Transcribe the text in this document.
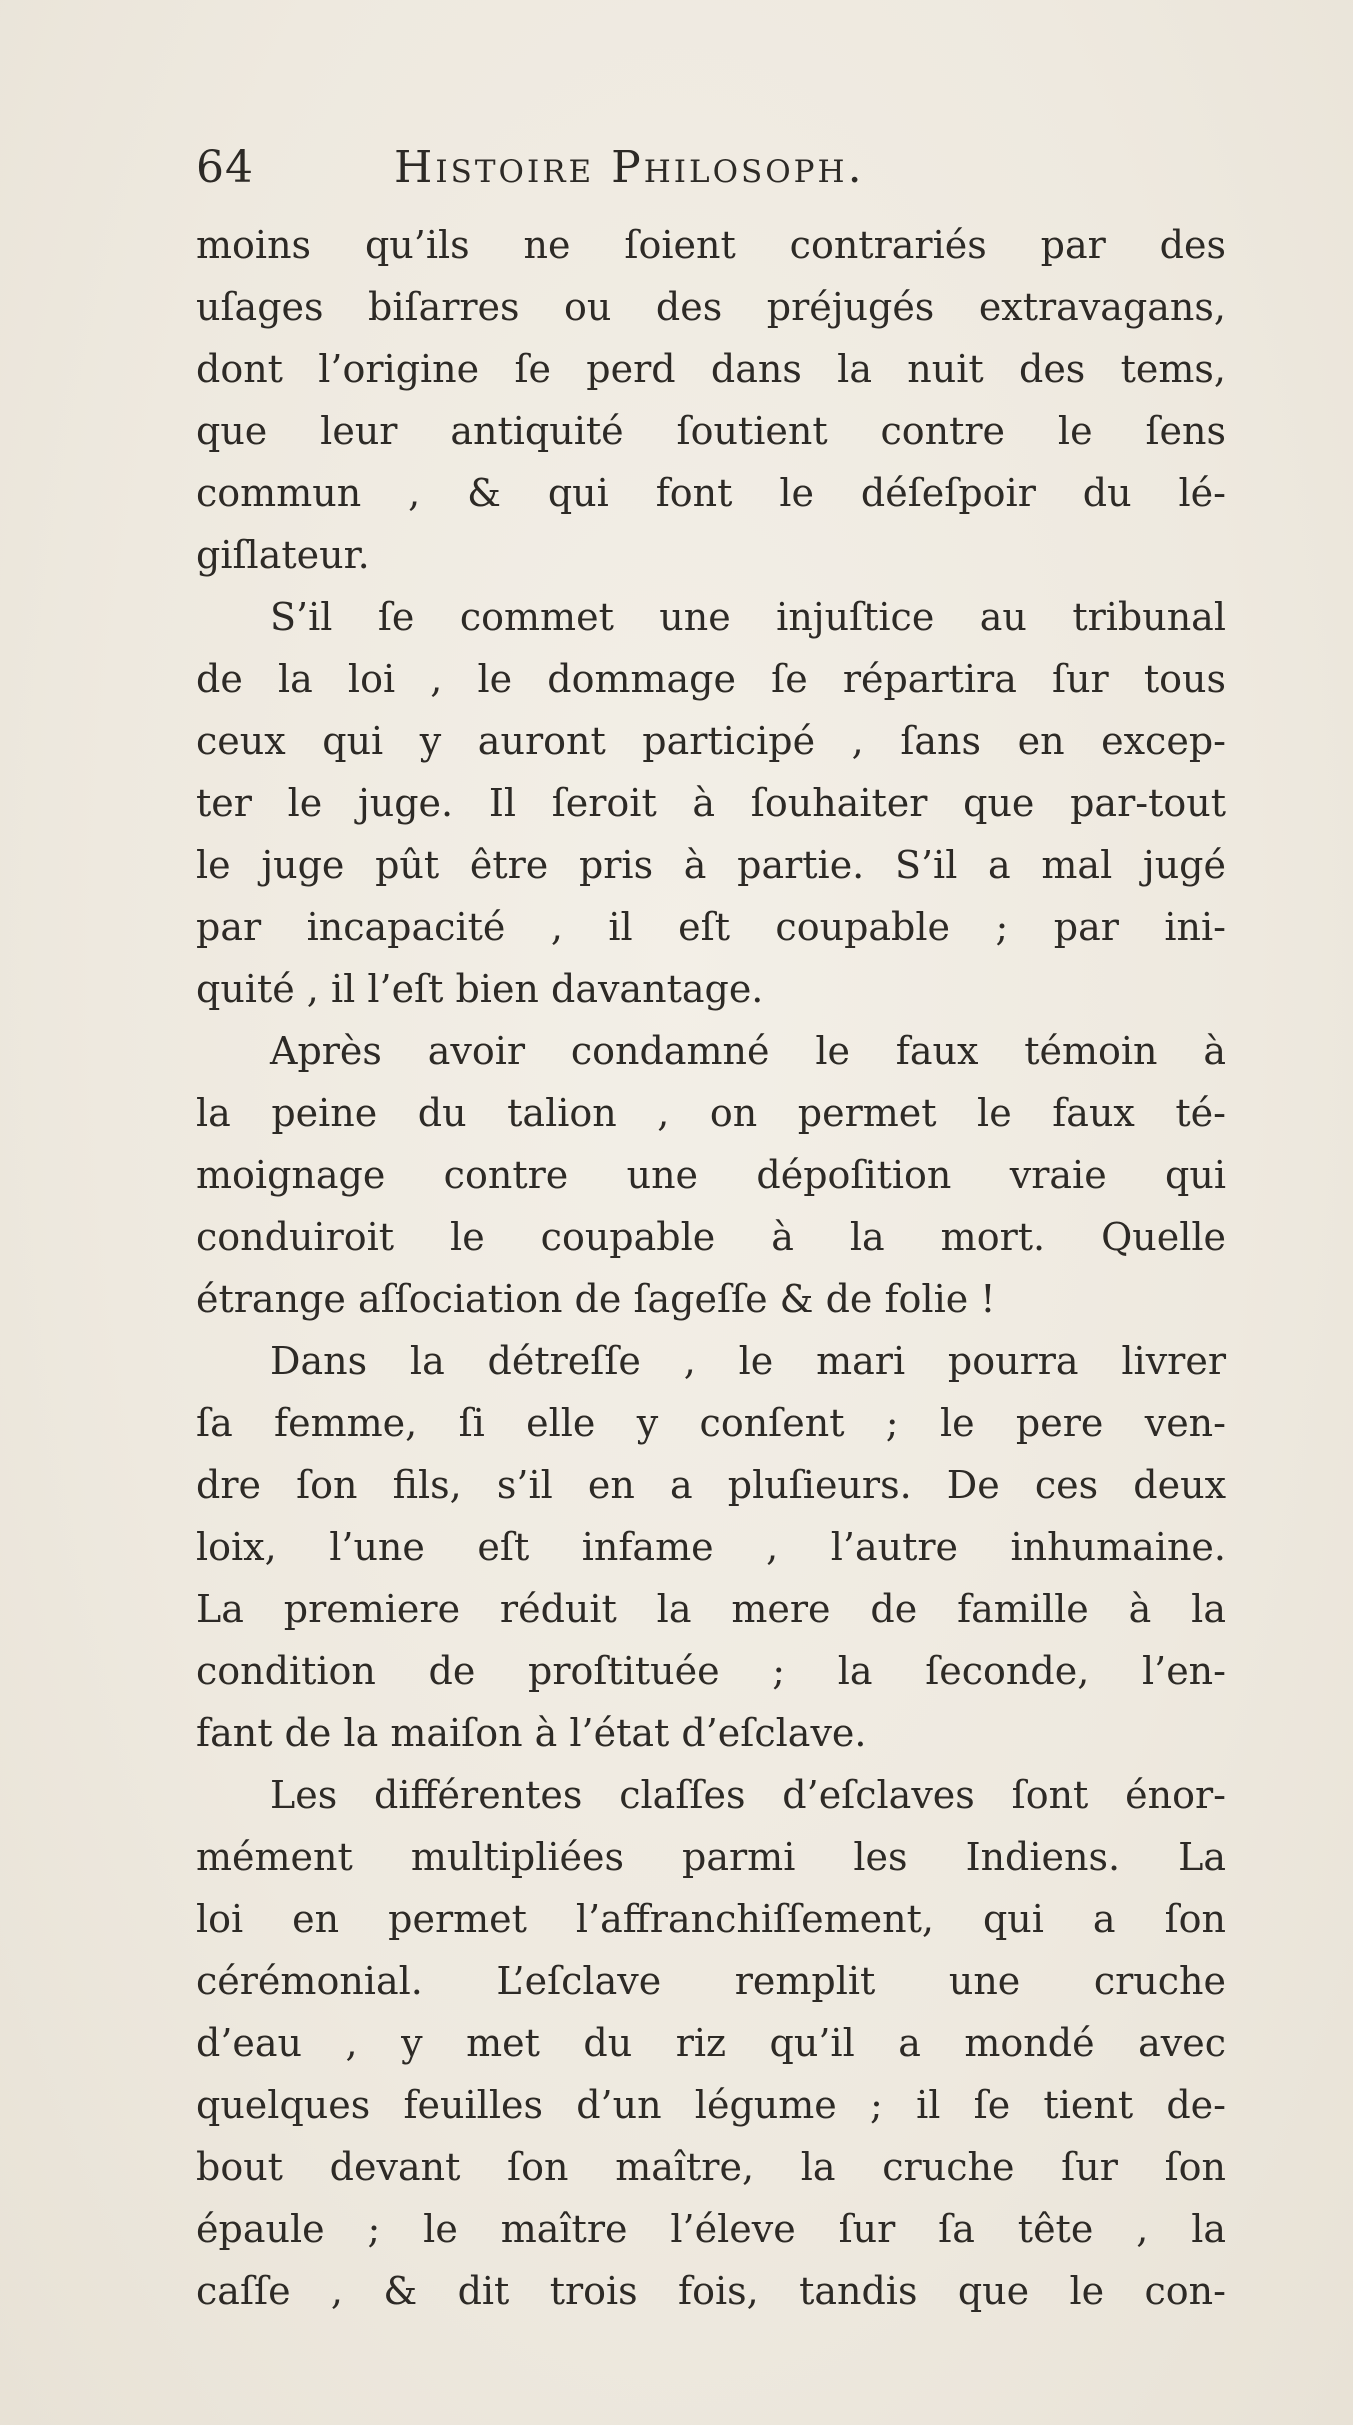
64	Histoire Philosoph.
moins qu’ils ne ſoient contrariés par des
uſages biſarres ou des préjugés extravagans,
dont l’origine ſe perd dans la nuit des tems,
que leur antiquité ſoutient contre le ſens
commun , & qui font le déſeſpoir du lé-
giſlateur.
S’il ſe commet une injuſtice au tribunal
de la loi , le dommage ſe répartira ſur tous
ceux qui y auront participé , ſans en excep-
ter le juge. Il ſeroit à ſouhaiter que par-tout
le juge pût être pris à partie. S’il a mal jugé
par incapacité , il eſt coupable ; par ini-
quité , il l’eſt bien davantage.
Après avoir condamné le faux témoin à
la peine du talion , on permet le faux té-
moignage contre une dépoſition vraie qui
conduiroit le coupable à la mort. Quelle
étrange aſſociation de ſageſſe & de folie !
Dans la détreſſe , le mari pourra livrer
ſa femme, ſi elle y conſent ; le pere ven-
dre ſon fils, s’il en a pluſieurs. De ces deux
loix, l’une eſt infame , l’autre inhumaine.
La premiere réduit la mere de famille à la
condition de proſtituée ; la ſeconde, l’en-
fant de la maiſon à l’état d’eſclave.
Les différentes claſſes d’eſclaves ſont énor-
mément multipliées parmi les Indiens. La
loi en permet l’affranchiſſement, qui a ſon
cérémonial. L’eſclave remplit une cruche
d’eau , y met du riz qu’il a mondé avec
quelques feuilles d’un légume ; il ſe tient de-
bout devant ſon maître, la cruche ſur ſon
épaule ; le maître l’éleve ſur ſa tête , la
caſſe , & dit trois fois, tandis que le con-
